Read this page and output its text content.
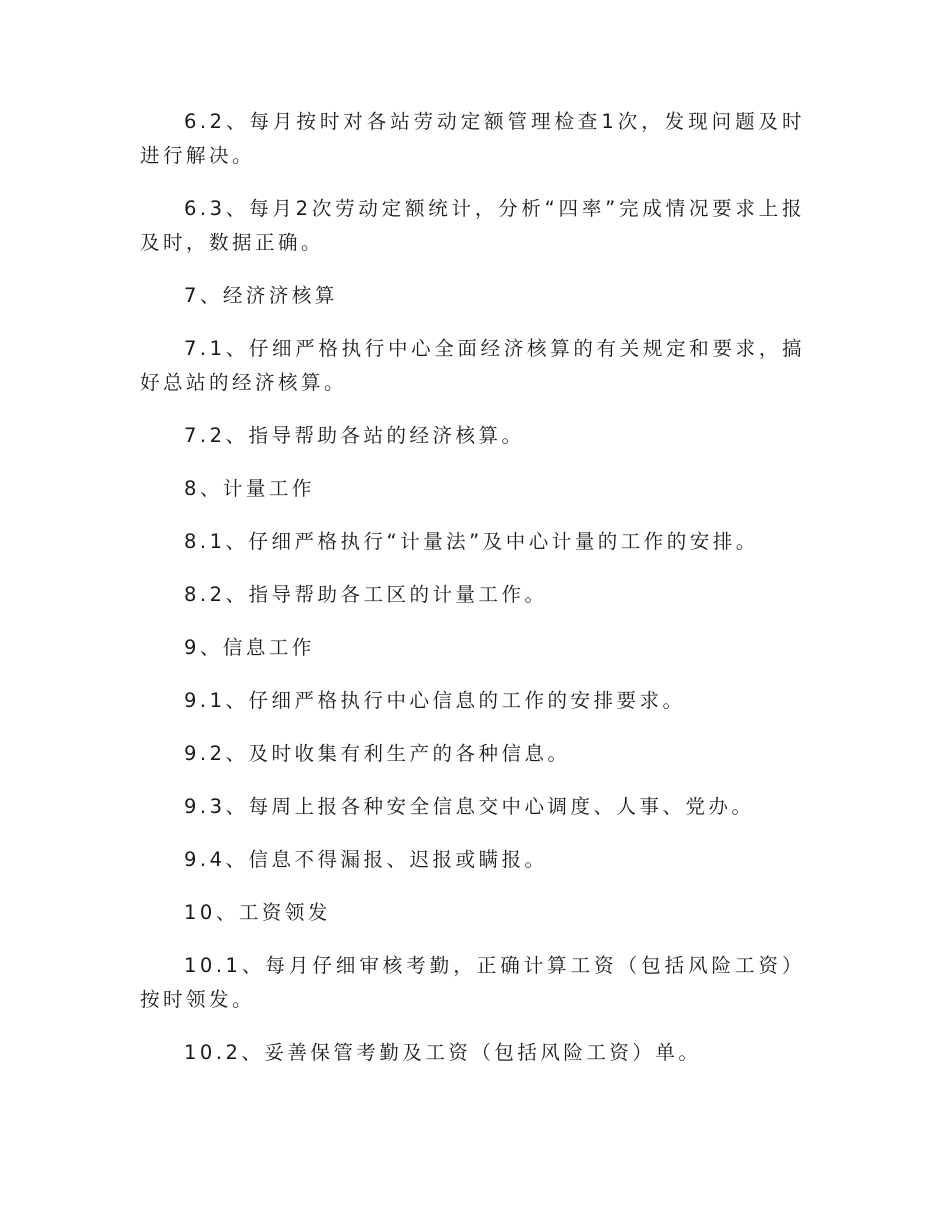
6.2、每月按时对各站劳动定额管理检查1次，发现问题及时进行解决。

6.3、每月2次劳动定额统计，分析“四率”完成情况要求上报及时，数据正确。

7、经济济核算

7.1、仔细严格执行中心全面经济核算的有关规定和要求，搞好总站的经济核算。

7.2、指导帮助各站的经济核算。

8、计量工作

8.1、仔细严格执行“计量法”及中心计量的工作的安排。

8.2、指导帮助各工区的计量工作。

9、信息工作

9.1、仔细严格执行中心信息的工作的安排要求。

9.2、及时收集有利生产的各种信息。

9.3、每周上报各种安全信息交中心调度、人事、党办。

9.4、信息不得漏报、迟报或瞒报。

10、工资领发

10.1、每月仔细审核考勤，正确计算工资（包括风险工资）按时领发。

10.2、妥善保管考勤及工资（包括风险工资）单。
